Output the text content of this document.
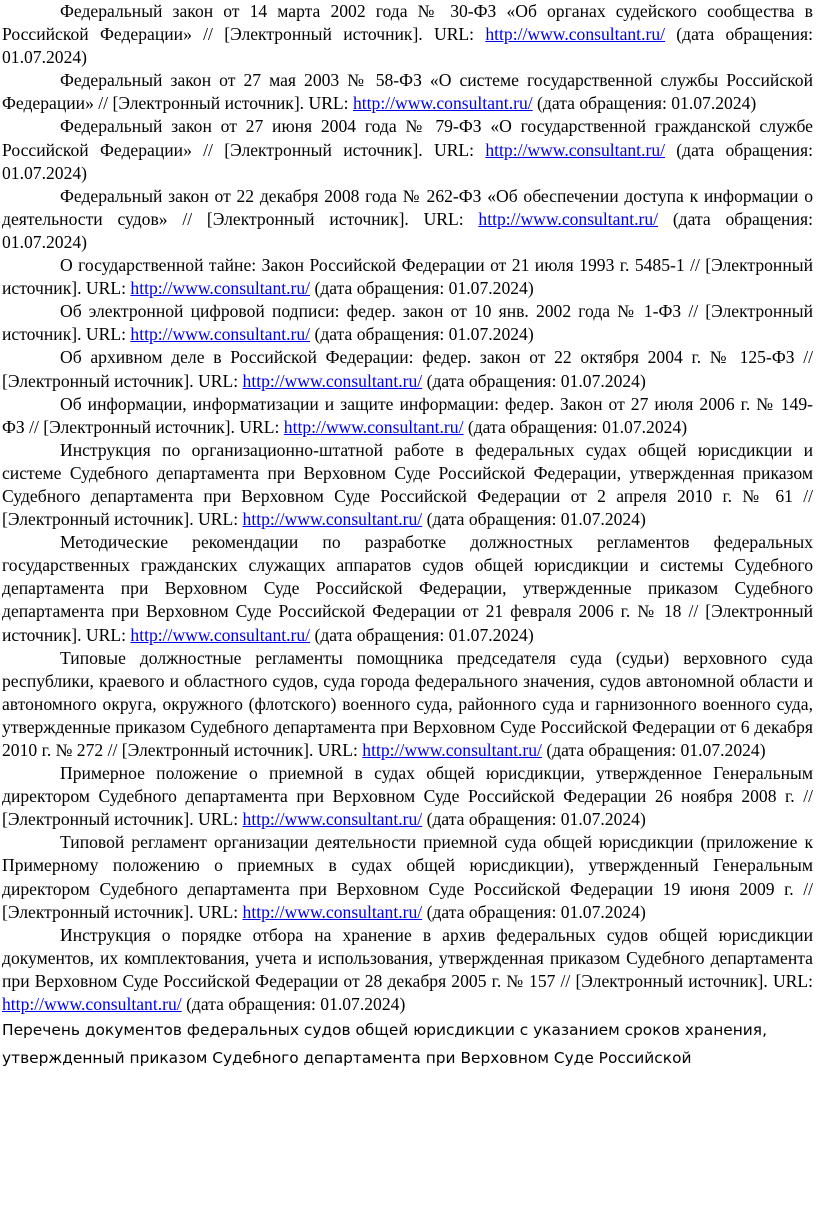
Федеральный закон от 14 марта 2002 года № 30-ФЗ «Об органах судейского сообщества в Российской Федерации» // [Электронный источник]. URL: http://www.consultant.ru/ (дата обращения: 01.07.2024)

Федеральный закон от 27 мая 2003 № 58-ФЗ «О системе государственной службы Российской Федерации» // [Электронный источник]. URL: http://www.consultant.ru/ (дата обращения: 01.07.2024)

Федеральный закон от 27 июня 2004 года № 79-ФЗ «О государственной гражданской службе Российской Федерации» // [Электронный источник]. URL: http://www.consultant.ru/ (дата обращения: 01.07.2024)

Федеральный закон от 22 декабря 2008 года № 262-ФЗ «Об обеспечении доступа к информации о деятельности судов» // [Электронный источник]. URL: http://www.consultant.ru/ (дата обращения: 01.07.2024)

О государственной тайне: Закон Российской Федерации от 21 июля 1993 г. 5485-1 // [Электронный источник]. URL: http://www.consultant.ru/ (дата обращения: 01.07.2024)

Об электронной цифровой подписи: федер. закон от 10 янв. 2002 года № 1-ФЗ // [Электронный источник]. URL: http://www.consultant.ru/ (дата обращения: 01.07.2024)

Об архивном деле в Российской Федерации: федер. закон от 22 октября 2004 г. № 125-ФЗ // [Электронный источник]. URL: http://www.consultant.ru/ (дата обращения: 01.07.2024)

Об информации, информатизации и защите информации: федер. Закон от 27 июля 2006 г. № 149- ФЗ // [Электронный источник]. URL: http://www.consultant.ru/ (дата обращения: 01.07.2024)

Инструкция по организационно-штатной работе в федеральных судах общей юрисдикции и системе Судебного департамента при Верховном Суде Российской Федерации, утвержденная приказом Судебного департамента при Верховном Суде Российской Федерации от 2 апреля 2010 г. № 61 // [Электронный источник]. URL: http://www.consultant.ru/ (дата обращения: 01.07.2024)

Методические рекомендации по разработке должностных регламентов федеральных государственных гражданских служащих аппаратов судов общей юрисдикции и системы Судебного департамента при Верховном Суде Российской Федерации, утвержденные приказом Судебного департамента при Верховном Суде Российской Федерации от 21 февраля 2006 г. № 18 // [Электронный источник]. URL: http://www.consultant.ru/ (дата обращения: 01.07.2024)

Типовые должностные регламенты помощника председателя суда (судьи) верховного суда республики, краевого и областного судов, суда города федерального значения, судов автономной области и автономного округа, окружного (флотского) военного суда, районного суда и гарнизонного военного суда, утвержденные приказом Судебного департамента при Верховном Суде Российской Федерации от 6 декабря 2010 г. № 272 // [Электронный источник]. URL: http://www.consultant.ru/ (дата обращения: 01.07.2024)

Примерное положение о приемной в судах общей юрисдикции, утвержденное Генеральным директором Судебного департамента при Верховном Суде Российской Федерации 26 ноября 2008 г. // [Электронный источник]. URL: http://www.consultant.ru/ (дата обращения: 01.07.2024)

Типовой регламент организации деятельности приемной суда общей юрисдикции (приложение к Примерному положению о приемных в судах общей юрисдикции), утвержденный Генеральным директором Судебного департамента при Верховном Суде Российской Федерации 19 июня 2009 г. // [Электронный источник]. URL: http://www.consultant.ru/ (дата обращения: 01.07.2024)

Инструкция о порядке отбора на хранение в архив федеральных судов общей юрисдикции документов, их комплектования, учета и использования, утвержденная приказом Судебного департамента при Верховном Суде Российской Федерации от 28 декабря 2005 г. № 157 // [Электронный источник]. URL: http://www.consultant.ru/ (дата обращения: 01.07.2024)

Перечень документов федеральных судов общей юрисдикции с указанием сроков хранения,
утвержденный приказом Судебного департамента при Верховном Суде Российской
